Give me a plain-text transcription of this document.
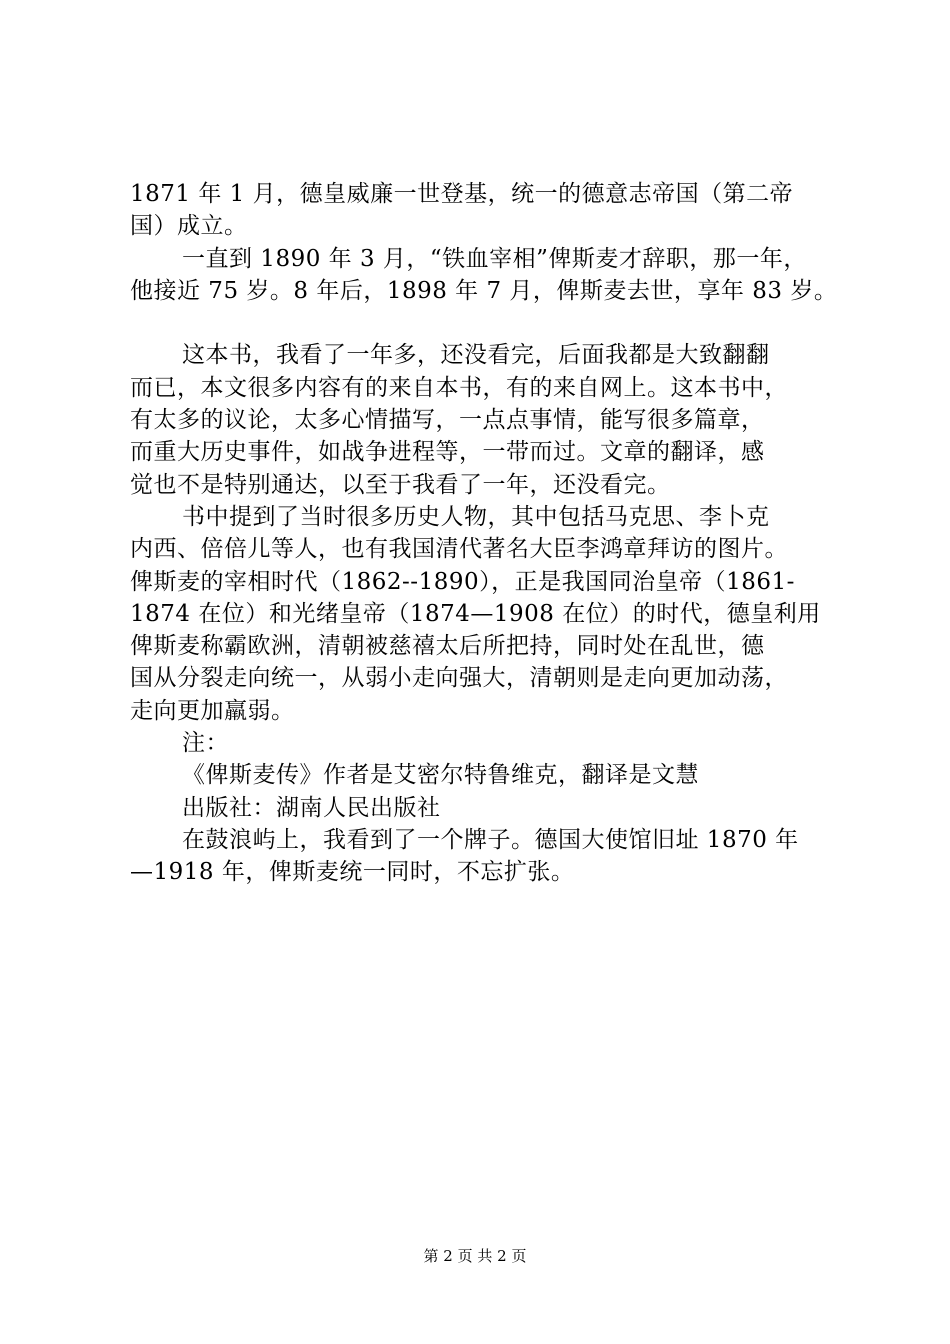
1871 年 1 月，德皇威廉一世登基，统一的德意志帝国（第二帝
国）成立。
一直到 1890 年 3 月，“铁血宰相”俾斯麦才辞职，那一年，
他接近 75 岁。8 年后，1898 年 7 月，俾斯麦去世，享年 83 岁。
这本书，我看了一年多，还没看完，后面我都是大致翻翻
而已，本文很多内容有的来自本书，有的来自网上。这本书中，
有太多的议论，太多心情描写，一点点事情，能写很多篇章，
而重大历史事件，如战争进程等，一带而过。文章的翻译，感
觉也不是特别通达，以至于我看了一年，还没看完。
书中提到了当时很多历史人物，其中包括马克思、李卜克
内西、倍倍儿等人，也有我国清代著名大臣李鸿章拜访的图片。
俾斯麦的宰相时代（1862--1890），正是我国同治皇帝（1861-
1874 在位）和光绪皇帝（1874—1908 在位）的时代，德皇利用
俾斯麦称霸欧洲，清朝被慈禧太后所把持，同时处在乱世，德
国从分裂走向统一，从弱小走向强大，清朝则是走向更加动荡，
走向更加羸弱。
注：
《俾斯麦传》作者是艾密尔特鲁维克，翻译是文慧
出版社：湖南人民出版社
在鼓浪屿上，我看到了一个牌子。德国大使馆旧址 1870 年
—1918 年，俾斯麦统一同时，不忘扩张。
第 2 页 共 2 页
